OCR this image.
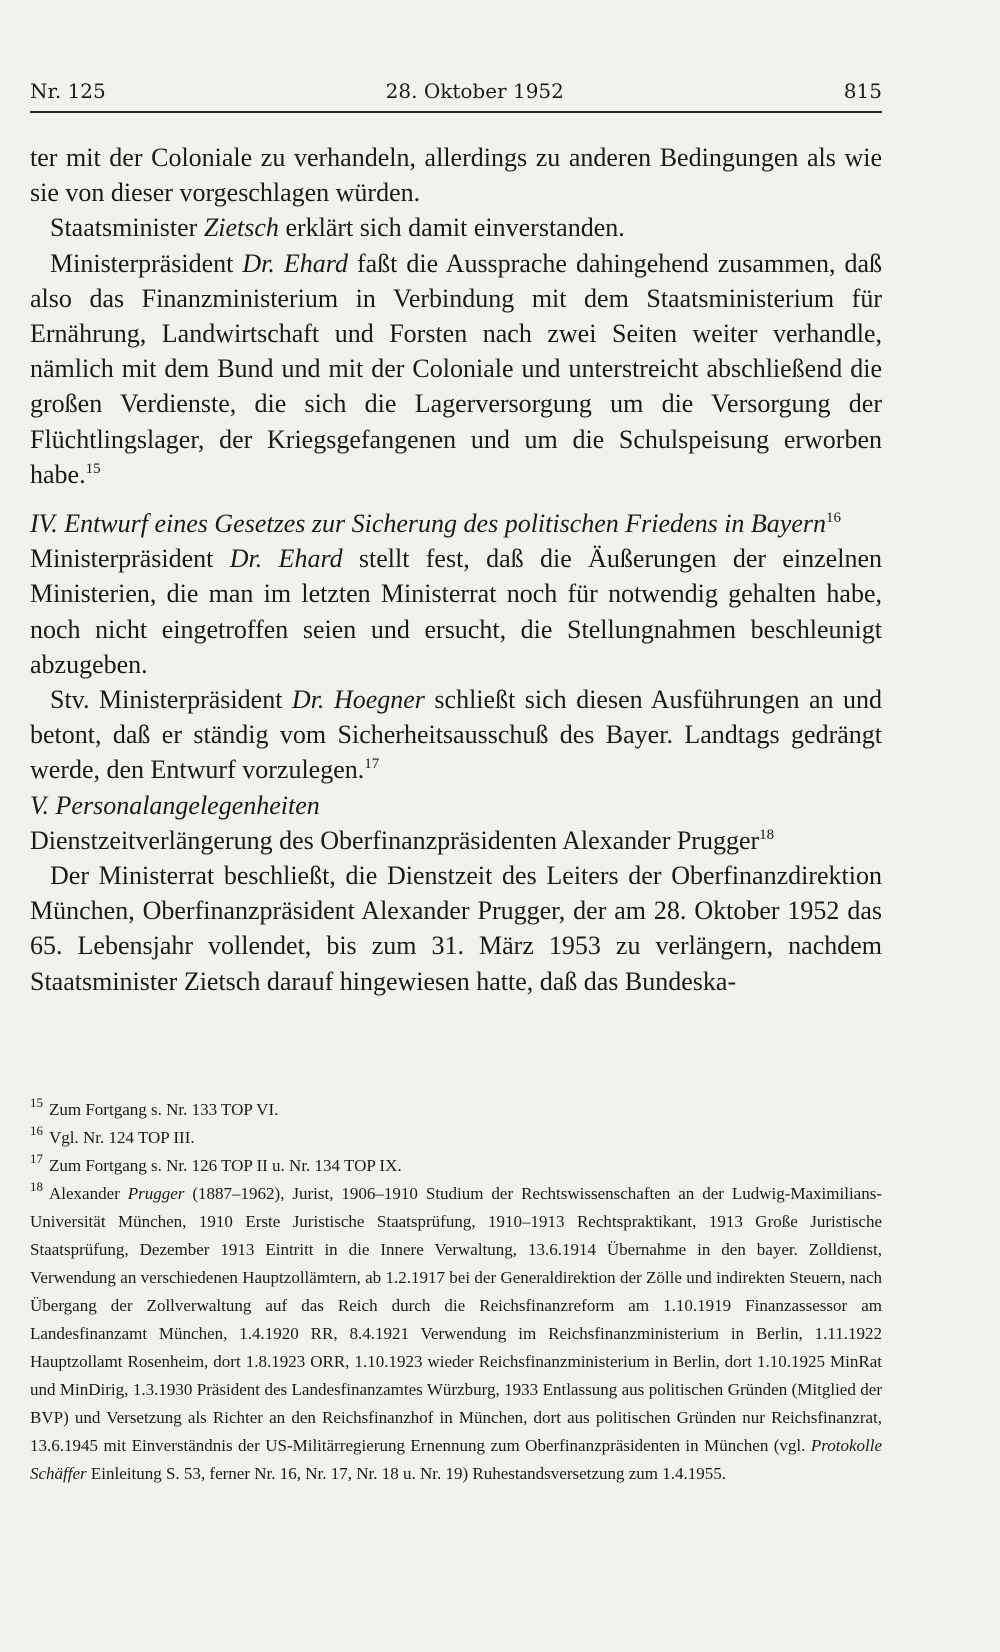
Nr. 125	28. Oktober 1952	815

ter mit der Coloniale zu verhandeln, allerdings zu anderen Bedingungen als wie sie von dieser vorgeschlagen würden.

Staatsminister Zietsch erklärt sich damit einverstanden.

Ministerpräsident Dr. Ehard faßt die Aussprache dahingehend zusammen, daß also das Finanzministerium in Verbindung mit dem Staatsministerium für Ernährung, Landwirtschaft und Forsten nach zwei Seiten weiter verhandle, nämlich mit dem Bund und mit der Coloniale und unterstreicht abschließend die großen Verdienste, die sich die Lagerversorgung um die Versorgung der Flüchtlingslager, der Kriegsgefangenen und um die Schulspeisung erworben habe.$^{15}$

IV. Entwurf eines Gesetzes zur Sicherung des politischen Friedens in Bayern$^{16}$

Ministerpräsident Dr. Ehard stellt fest, daß die Äußerungen der einzelnen Ministerien, die man im letzten Ministerrat noch für notwendig gehalten habe, noch nicht eingetroffen seien und ersucht, die Stellungnahmen beschleunigt abzugeben.

Stv. Ministerpräsident Dr. Hoegner schließt sich diesen Ausführungen an und betont, daß er ständig vom Sicherheitsausschuß des Bayer. Landtags gedrängt werde, den Entwurf vorzulegen.$^{17}$

V. Personalangelegenheiten

Dienstzeitverlängerung des Oberfinanzpräsidenten Alexander Prugger$^{18}$

Der Ministerrat beschließt, die Dienstzeit des Leiters der Oberfinanzdirektion München, Oberfinanzpräsident Alexander Prugger, der am 28. Oktober 1952 das 65. Lebensjahr vollendet, bis zum 31. März 1953 zu verlängern, nachdem Staatsminister Zietsch darauf hingewiesen hatte, daß das Bundeska-

$^{15}$ Zum Fortgang s. Nr. 133 TOP VI.

$^{16}$ Vgl. Nr. 124 TOP III.

$^{17}$ Zum Fortgang s. Nr. 126 TOP II u. Nr. 134 TOP IX.

$^{18}$ Alexander Prugger (1887–1962), Jurist, 1906–1910 Studium der Rechtswissenschaften an der Ludwig-Maximilians-Universität München, 1910 Erste Juristische Staatsprüfung, 1910–1913 Rechtspraktikant, 1913 Große Juristische Staatsprüfung, Dezember 1913 Eintritt in die Innere Verwaltung, 13.6.1914 Übernahme in den bayer. Zolldienst, Verwendung an verschiedenen Hauptzollämtern, ab 1.2.1917 bei der Generaldirektion der Zölle und indirekten Steuern, nach Übergang der Zollverwaltung auf das Reich durch die Reichsfinanzreform am 1.10.1919 Finanzassessor am Landesfinanzamt München, 1.4.1920 RR, 8.4.1921 Verwendung im Reichsfinanzministerium in Berlin, 1.11.1922 Hauptzollamt Rosenheim, dort 1.8.1923 ORR, 1.10.1923 wieder Reichsfinanzministerium in Berlin, dort 1.10.1925 MinRat und MinDirig, 1.3.1930 Präsident des Landesfinanzamtes Würzburg, 1933 Entlassung aus politischen Gründen (Mitglied der BVP) und Versetzung als Richter an den Reichsfinanzhof in München, dort aus politischen Gründen nur Reichsfinanzrat, 13.6.1945 mit Einverständnis der US-Militärregierung Ernennung zum Oberfinanzpräsidenten in München (vgl. Protokolle Schäffer Einleitung S. 53, ferner Nr. 16, Nr. 17, Nr. 18 u. Nr. 19) Ruhestandsversetzung zum 1.4.1955.
